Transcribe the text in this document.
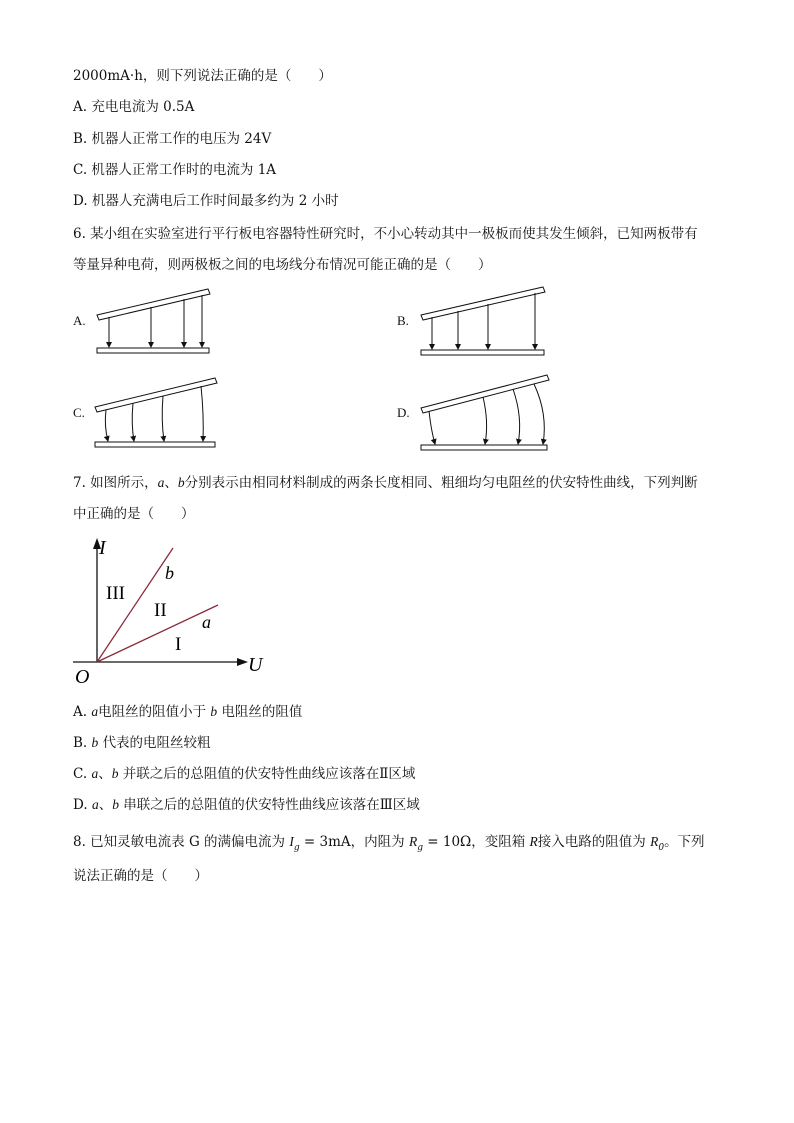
2000mA·h，则下列说法正确的是（　　）
A. 充电电流为 0.5A
B. 机器人正常工作的电压为 24V
C. 机器人正常工作时的电流为 1A
D. 机器人充满电后工作时间最多约为 2 小时
6. 某小组在实验室进行平行板电容器特性研究时，不小心转动其中一极板而使其发生倾斜，已知两板带有
等量异种电荷，则两极板之间的电场线分布情况可能正确的是（　　）
A.	B.
C.	D.
7. 如图所示，a、b分别表示由相同材料制成的两条长度相同、粗细均匀电阻丝的伏安特性曲线，下列判断
中正确的是（　　）
I
U
O
b
a
III
II
I
A. a电阻丝的阻值小于 b 电阻丝的阻值
B. b 代表的电阻丝较粗
C. a、b 并联之后的总阻值的伏安特性曲线应该落在Ⅱ区域
D. a、b 串联之后的总阻值的伏安特性曲线应该落在Ⅲ区域
8. 已知灵敏电流表 G 的满偏电流为 $I_g = 3mA$，内阻为 $R_g = 10\Omega$，变阻箱 R接入电路的阻值为 $R_0$。下列
说法正确的是（　　）
